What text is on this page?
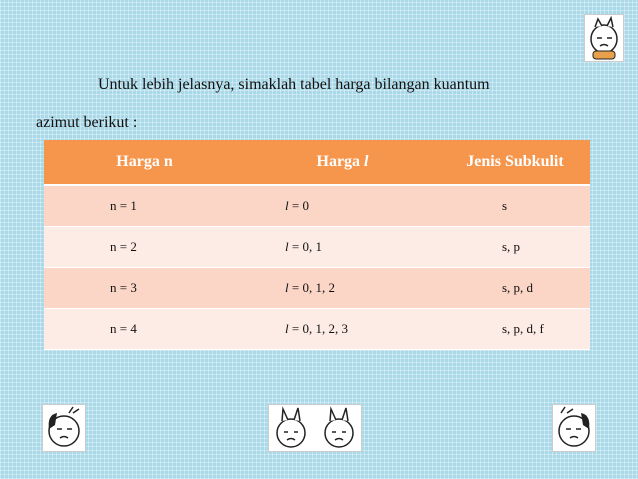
Untuk lebih jelasnya, simaklah tabel harga bilangan kuantum
azimut berikut :
Harga n	Harga l	Jenis Subkulit
n = 1	l = 0	s
n = 2	l = 0, 1	s, p
n = 3	l = 0, 1, 2	s, p, d
n = 4	l = 0, 1, 2, 3	s, p, d, f
